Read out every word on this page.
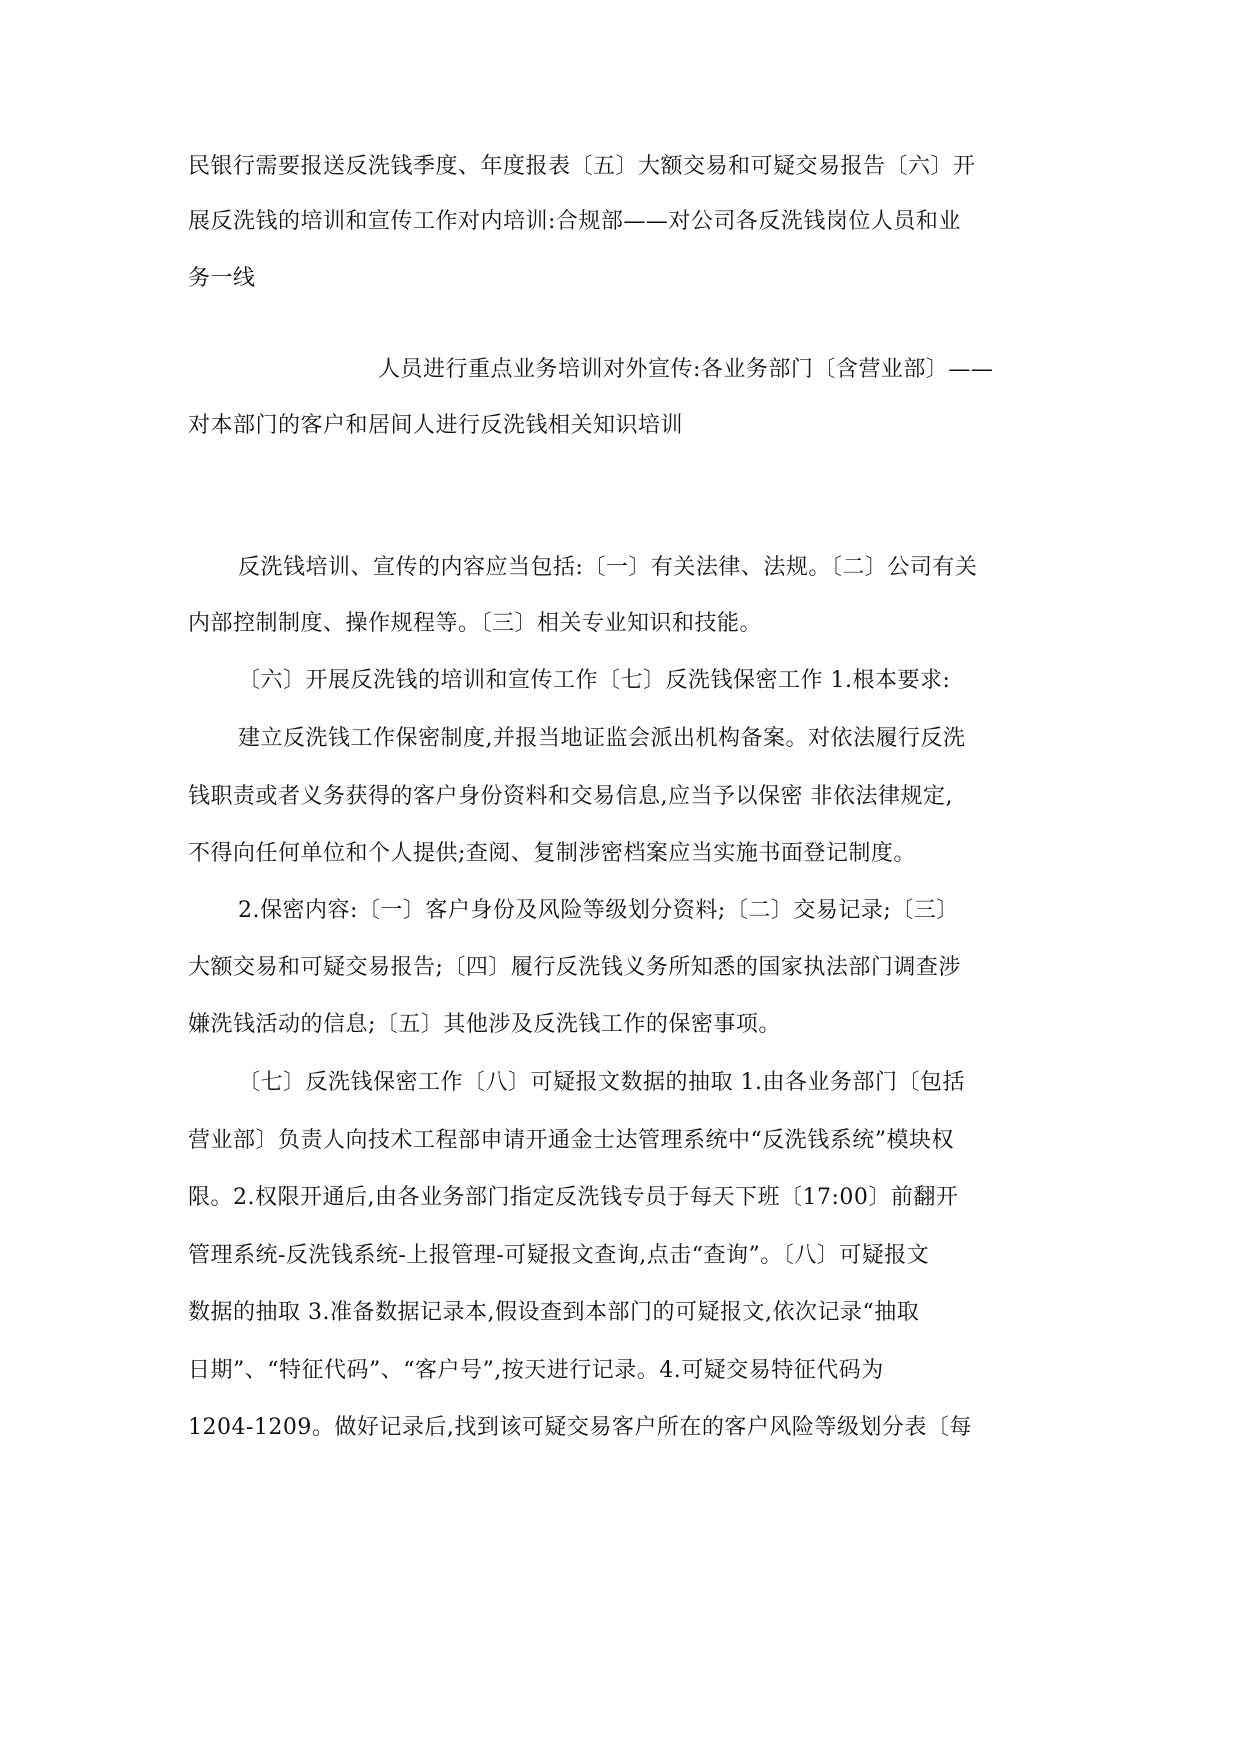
民银行需要报送反洗钱季度、年度报表〔五〕大额交易和可疑交易报告〔六〕开
展反洗钱的培训和宣传工作对内培训:合规部——对公司各反洗钱岗位人员和业
务一线
人员进行重点业务培训对外宣传:各业务部门〔含营业部〕——
对本部门的客户和居间人进行反洗钱相关知识培训
反洗钱培训、宣传的内容应当包括:〔一〕有关法律、法规。〔二〕公司有关
内部控制制度、操作规程等。〔三〕相关专业知识和技能。
〔六〕开展反洗钱的培训和宣传工作〔七〕反洗钱保密工作 1.根本要求:
建立反洗钱工作保密制度,并报当地证监会派出机构备案。对依法履行反洗
钱职责或者义务获得的客户身份资料和交易信息,应当予以保密 非依法律规定,
不得向任何单位和个人提供;查阅、复制涉密档案应当实施书面登记制度。
2.保密内容:〔一〕客户身份及风险等级划分资料;〔二〕交易记录;〔三〕
大额交易和可疑交易报告;〔四〕履行反洗钱义务所知悉的国家执法部门调查涉
嫌洗钱活动的信息;〔五〕其他涉及反洗钱工作的保密事项。
〔七〕反洗钱保密工作〔八〕可疑报文数据的抽取 1.由各业务部门〔包括
营业部〕负责人向技术工程部申请开通金士达管理系统中“反洗钱系统”模块权
限。2.权限开通后,由各业务部门指定反洗钱专员于每天下班〔17:00〕前翻开
管理系统-反洗钱系统-上报管理-可疑报文查询,点击“查询”。〔八〕可疑报文
数据的抽取 3.准备数据记录本,假设查到本部门的可疑报文,依次记录“抽取
日期”、“特征代码”、“客户号”,按天进行记录。4.可疑交易特征代码为
1204-1209。做好记录后,找到该可疑交易客户所在的客户风险等级划分表〔每
